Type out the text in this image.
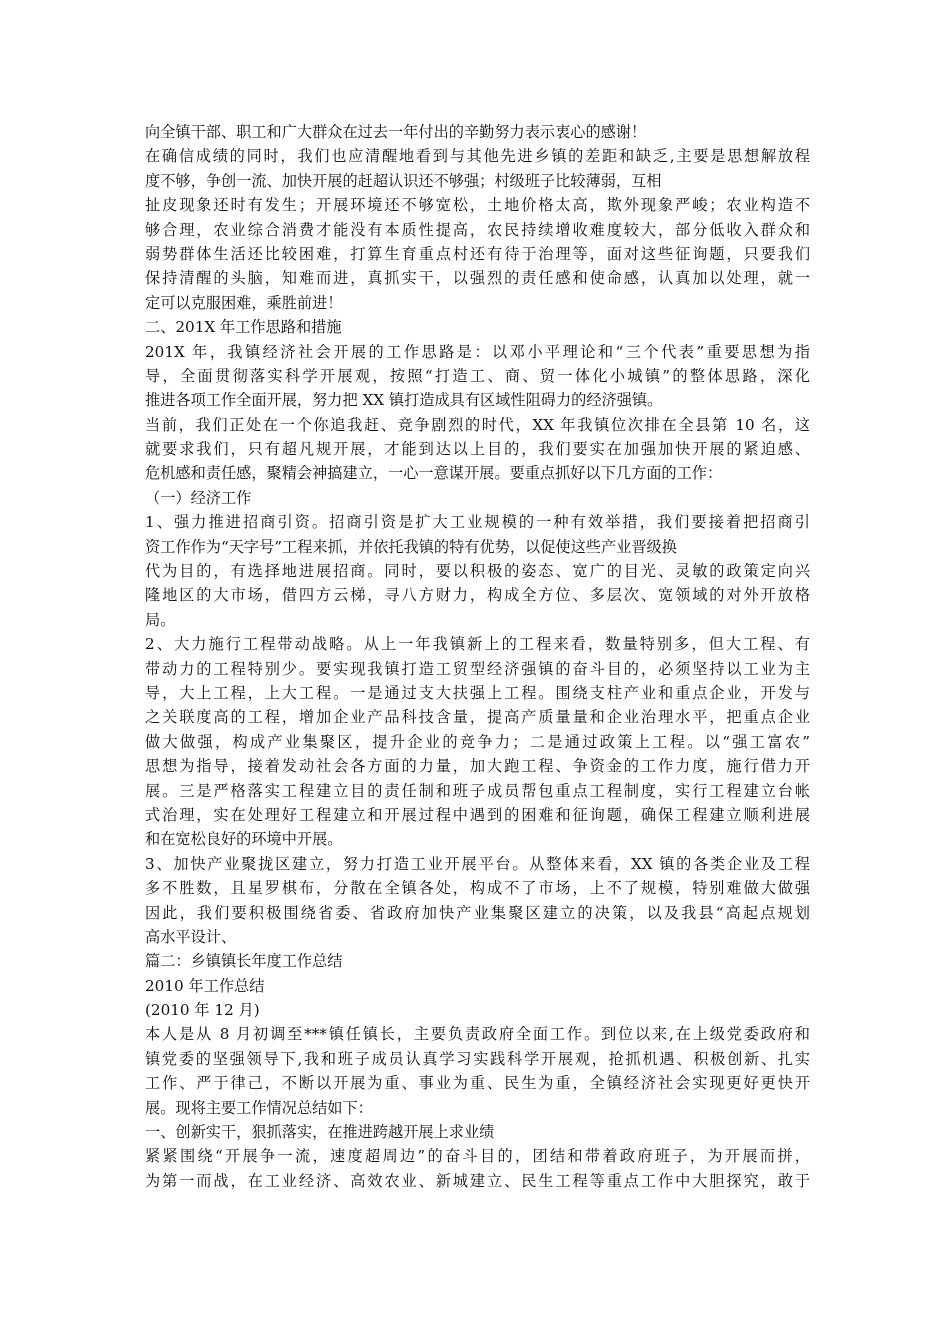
向全镇干部、职工和广大群众在过去一年付出的辛勤努力表示衷心的感谢！
在确信成绩的同时，我们也应清醒地看到与其他先进乡镇的差距和缺乏,主要是思想解放程
度不够，争创一流、加快开展的赶超认识还不够强；村级班子比较薄弱，互相
扯皮现象还时有发生；开展环境还不够宽松，土地价格太高，欺外现象严峻；农业构造不
够合理，农业综合消费才能没有本质性提高，农民持续增收难度较大，部分低收入群众和
弱势群体生活还比较困难，打算生育重点村还有待于治理等，面对这些征询题，只要我们
保持清醒的头脑，知难而进，真抓实干，以强烈的责任感和使命感，认真加以处理，就一
定可以克服困难，乘胜前进！
二、201X 年工作思路和措施
201X 年，我镇经济社会开展的工作思路是：以邓小平理论和“三个代表”重要思想为指
导，全面贯彻落实科学开展观，按照“打造工、商、贸一体化小城镇”的整体思路，深化
推进各项工作全面开展，努力把 XX 镇打造成具有区域性阻碍力的经济强镇。
当前，我们正处在一个你追我赶、竞争剧烈的时代，XX 年我镇位次排在全县第 10 名，这
就要求我们，只有超凡规开展，才能到达以上目的，我们要实在加强加快开展的紧迫感、
危机感和责任感，聚精会神搞建立，一心一意谋开展。要重点抓好以下几方面的工作：
（一）经济工作
1、强力推进招商引资。招商引资是扩大工业规模的一种有效举措，我们要接着把招商引
资工作作为“天字号”工程来抓，并依托我镇的特有优势，以促使这些产业晋级换
代为目的，有选择地进展招商。同时，要以积极的姿态、宽广的目光、灵敏的政策定向兴
隆地区的大市场，借四方云梯，寻八方财力，构成全方位、多层次、宽领域的对外开放格
局。
2、大力施行工程带动战略。从上一年我镇新上的工程来看，数量特别多，但大工程、有
带动力的工程特别少。要实现我镇打造工贸型经济强镇的奋斗目的，必须坚持以工业为主
导，大上工程，上大工程。一是通过支大扶强上工程。围绕支柱产业和重点企业，开发与
之关联度高的工程，增加企业产品科技含量，提高产质量量和企业治理水平，把重点企业
做大做强，构成产业集聚区，提升企业的竞争力；二是通过政策上工程。以“强工富农”
思想为指导，接着发动社会各方面的力量，加大跑工程、争资金的工作力度，施行借力开
展。三是严格落实工程建立目的责任制和班子成员帮包重点工程制度，实行工程建立台帐
式治理，实在处理好工程建立和开展过程中遇到的困难和征询题，确保工程建立顺利进展
和在宽松良好的环境中开展。
3、加快产业聚拢区建立，努力打造工业开展平台。从整体来看，XX 镇的各类企业及工程
多不胜数，且星罗棋布，分散在全镇各处，构成不了市场，上不了规模，特别难做大做强
因此，我们要积极围绕省委、省政府加快产业集聚区建立的决策，以及我县“高起点规划
高水平设计、
篇二：乡镇镇长年度工作总结
2010 年工作总结
(2010 年 12 月)
本人是从 8 月初调至***镇任镇长，主要负责政府全面工作。到位以来,在上级党委政府和
镇党委的坚强领导下,我和班子成员认真学习实践科学开展观，抢抓机遇、积极创新、扎实
工作、严于律己，不断以开展为重、事业为重、民生为重，全镇经济社会实现更好更快开
展。现将主要工作情况总结如下：
一、创新实干，狠抓落实，在推进跨越开展上求业绩
紧紧围绕“开展争一流，速度超周边”的奋斗目的，团结和带着政府班子，为开展而拼，
为第一而战，在工业经济、高效农业、新城建立、民生工程等重点工作中大胆探究，敢于
